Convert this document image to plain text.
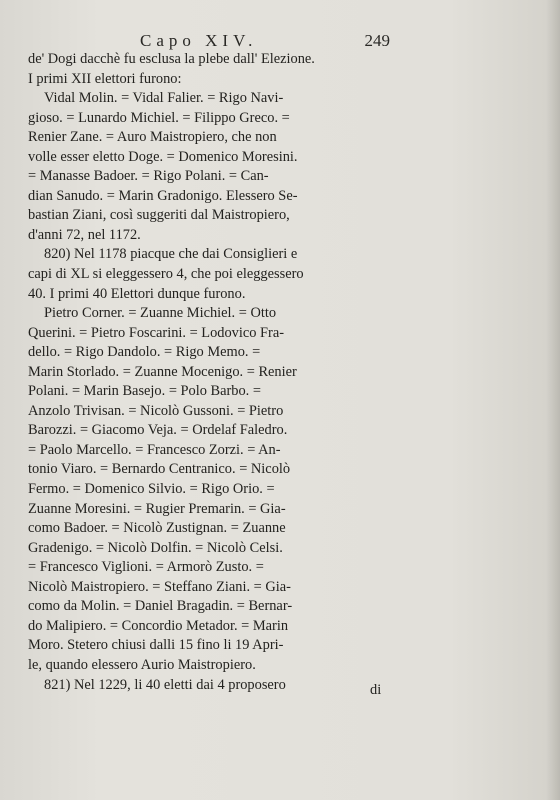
Capo XIV.	249
de' Dogi dacchè fu esclusa la plebe dall' Elezione.
I primi XII elettori furono:
Vidal Molin. = Vidal Falier. = Rigo Navi-
gioso. = Lunardo Michiel. = Filippo Greco. =
Renier Zane. = Auro Maistropiero, che non
volle esser eletto Doge. = Domenico Moresini.
= Manasse Badoer. = Rigo Polani. = Can-
dian Sanudo. = Marin Gradonigo. Elessero Se-
bastian Ziani, così suggeriti dal Maistropiero,
d'anni 72, nel 1172.
820) Nel 1178 piacque che dai Consiglieri e
capi di XL si eleggessero 4, che poi eleggessero
40. I primi 40 Elettori dunque furono.
Pietro Corner. = Zuanne Michiel. = Otto
Querini. = Pietro Foscarini. = Lodovico Fra-
dello. = Rigo Dandolo. = Rigo Memo. =
Marin Storlado. = Zuanne Mocenigo. = Renier
Polani. = Marin Basejo. = Polo Barbo. =
Anzolo Trivisan. = Nicolò Gussoni. = Pietro
Barozzi. = Giacomo Veja. = Ordelaf Faledro.
= Paolo Marcello. = Francesco Zorzi. = An-
tonio Viaro. = Bernardo Centranico. = Nicolò
Fermo. = Domenico Silvio. = Rigo Orio. =
Zuanne Moresini. = Rugier Premarin. = Gia-
como Badoer. = Nicolò Zustignan. = Zuanne
Gradenigo. = Nicolò Dolfin. = Nicolò Celsi.
= Francesco Viglioni. = Armorò Zusto. =
Nicolò Maistropiero. = Steffano Ziani. = Gia-
como da Molin. = Daniel Bragadin. = Bernar-
do Malipiero. = Concordio Metador. = Marin
Moro. Stetero chiusi dalli 15 fino li 19 Apri-
le, quando elessero Aurio Maistropiero.
821) Nel 1229, li 40 eletti dai 4 proposero	di
